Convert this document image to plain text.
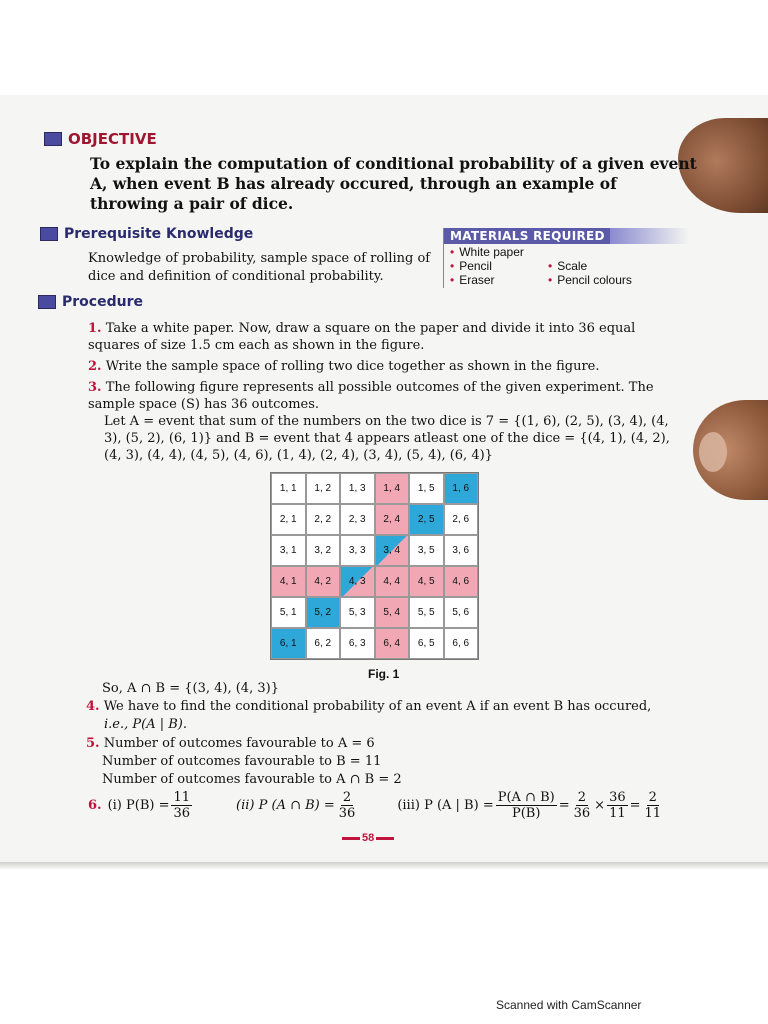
OBJECTIVE
To explain the computation of conditional probability of a given event A, when event B has already occured, through an example of throwing a pair of dice.
Prerequisite Knowledge
Knowledge of probability, sample space of rolling of dice and definition of conditional probability.
MATERIALS REQUIRED
• White paper
• Pencil
• Eraser
• Scale
• Pencil colours
Procedure
1. Take a white paper. Now, draw a square on the paper and divide it into 36 equal squares of size 1.5 cm each as shown in the figure.
2. Write the sample space of rolling two dice together as shown in the figure.
3. The following figure represents all possible outcomes of the given experiment. The sample space (S) has 36 outcomes.
Let A = event that sum of the numbers on the two dice is 7 = {(1, 6), (2, 5), (3, 4), (4, 3), (5, 2), (6, 1)} and B = event that 4 appears atleast one of the dice = {(4, 1), (4, 2), (4, 3), (4, 4), (4, 5), (4, 6), (1, 4), (2, 4), (3, 4), (5, 4), (6, 4)}
1, 1	1, 2	1, 3	1, 4	1, 5	1, 6
2, 1	2, 2	2, 3	2, 4	2, 5	2, 6
3, 1	3, 2	3, 3	3, 4	3, 5	3, 6
4, 1	4, 2	4, 3	4, 4	4, 5	4, 6
5, 1	5, 2	5, 3	5, 4	5, 5	5, 6
6, 1	6, 2	6, 3	6, 4	6, 5	6, 6
Fig. 1
So, A ∩ B = {(3, 4), (4, 3)}
4. We have to find the conditional probability of an event A if an event B has occured,
i.e., P(A | B).
5. Number of outcomes favourable to A = 6
Number of outcomes favourable to B = 11
Number of outcomes favourable to A ∩ B = 2
6. (i) $P(B) = \frac{11}{36}$	(ii) P (A ∩ $B) = \frac{2}{36}$	(iii) P (A | $B) = \frac{P(A \cap B)}{P(B)} = \frac{2}{36} \times \frac{36}{11} = \frac{2}{11}$
58
Scanned with CamScanner
